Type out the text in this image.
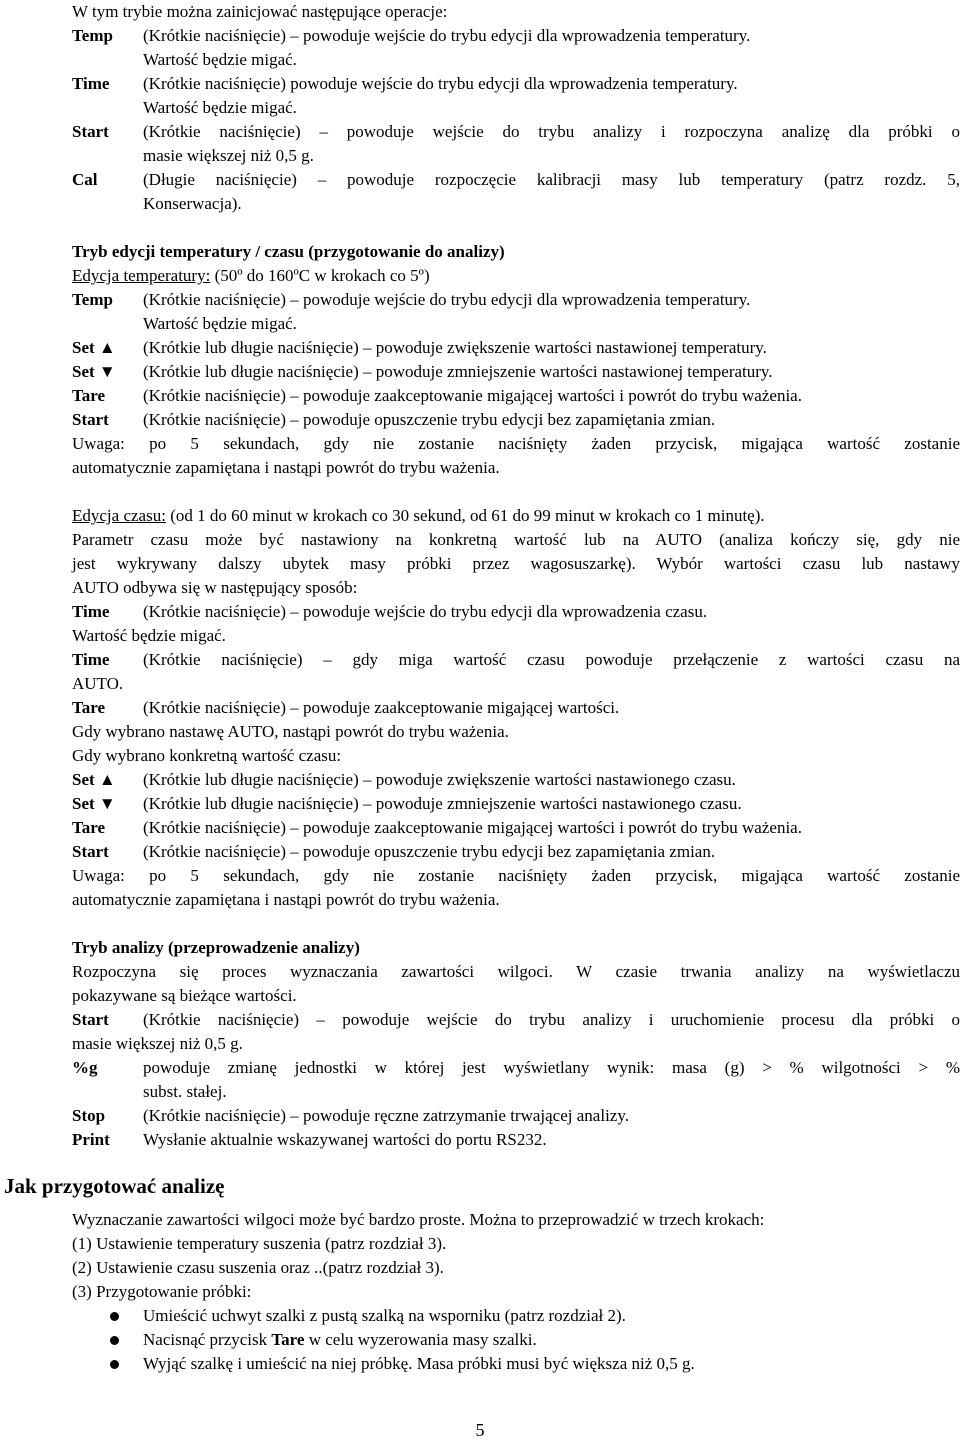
W tym trybie można zainicjować następujące operacje:
Temp	(Krótkie naciśnięcie) – powoduje wejście do trybu edycji dla wprowadzenia temperatury.
Wartość będzie migać.
Time	(Krótkie naciśnięcie) powoduje wejście do trybu edycji dla wprowadzenia temperatury.
Wartość będzie migać.
Start	(Krótkie naciśnięcie) – powoduje wejście do trybu analizy i rozpoczyna analizę dla próbki o
masie większej niż 0,5 g.
Cal	(Długie naciśnięcie) – powoduje rozpoczęcie kalibracji masy lub temperatury (patrz rozdz. 5,
Konserwacja).
Tryb edycji temperatury / czasu (przygotowanie do analizy)
Edycja temperatury: (50º do 160ºC w krokach co 5º)
Temp	(Krótkie naciśnięcie) – powoduje wejście do trybu edycji dla wprowadzenia temperatury.
Wartość będzie migać.
Set ▲	(Krótkie lub długie naciśnięcie) – powoduje zwiększenie wartości nastawionej temperatury.
Set ▼	(Krótkie lub długie naciśnięcie) – powoduje zmniejszenie wartości nastawionej temperatury.
Tare	(Krótkie naciśnięcie) – powoduje zaakceptowanie migającej wartości i powrót do trybu ważenia.
Start	(Krótkie naciśnięcie) – powoduje opuszczenie trybu edycji bez zapamiętania zmian.
Uwaga: po 5 sekundach, gdy nie zostanie naciśnięty żaden przycisk, migająca wartość zostanie
automatycznie zapamiętana i nastąpi powrót do trybu ważenia.
Edycja czasu: (od 1 do 60 minut w krokach co 30 sekund, od 61 do 99 minut w krokach co 1 minutę).
Parametr czasu może być nastawiony na konkretną wartość lub na AUTO (analiza kończy się, gdy nie
jest wykrywany dalszy ubytek masy próbki przez wagosuszarkę). Wybór wartości czasu lub nastawy
AUTO odbywa się w następujący sposób:
Time	(Krótkie naciśnięcie) – powoduje wejście do trybu edycji dla wprowadzenia czasu.
Wartość będzie migać.
Time	(Krótkie naciśnięcie) – gdy miga wartość czasu powoduje przełączenie z wartości czasu na
AUTO.
Tare	(Krótkie naciśnięcie) – powoduje zaakceptowanie migającej wartości.
Gdy wybrano nastawę AUTO, nastąpi powrót do trybu ważenia.
Gdy wybrano konkretną wartość czasu:
Set ▲	(Krótkie lub długie naciśnięcie) – powoduje zwiększenie wartości nastawionego czasu.
Set ▼	(Krótkie lub długie naciśnięcie) – powoduje zmniejszenie wartości nastawionego czasu.
Tare	(Krótkie naciśnięcie) – powoduje zaakceptowanie migającej wartości i powrót do trybu ważenia.
Start	(Krótkie naciśnięcie) – powoduje opuszczenie trybu edycji bez zapamiętania zmian.
Uwaga: po 5 sekundach, gdy nie zostanie naciśnięty żaden przycisk, migająca wartość zostanie
automatycznie zapamiętana i nastąpi powrót do trybu ważenia.
Tryb analizy (przeprowadzenie analizy)
Rozpoczyna się proces wyznaczania zawartości wilgoci. W czasie trwania analizy na wyświetlaczu
pokazywane są bieżące wartości.
Start	(Krótkie naciśnięcie) – powoduje wejście do trybu analizy i uruchomienie procesu dla próbki o
masie większej niż 0,5 g.
%g	powoduje zmianę jednostki w której jest wyświetlany wynik: masa (g) > % wilgotności > %
subst. stałej.
Stop	(Krótkie naciśnięcie) – powoduje ręczne zatrzymanie trwającej analizy.
Print	Wysłanie aktualnie wskazywanej wartości do portu RS232.
Wyznaczanie zawartości wilgoci może być bardzo proste. Można to przeprowadzić w trzech krokach:
(1) Ustawienie temperatury suszenia (patrz rozdział 3).
(2) Ustawienie czasu suszenia oraz ..(patrz rozdział 3).
(3) Przygotowanie próbki:
Umieścić uchwyt szalki z pustą szalką na wsporniku (patrz rozdział 2).
Nacisnąć przycisk Tare w celu wyzerowania masy szalki.
Wyjąć szalkę i umieścić na niej próbkę. Masa próbki musi być większa niż 0,5 g.
Jak przygotować analizę
5
